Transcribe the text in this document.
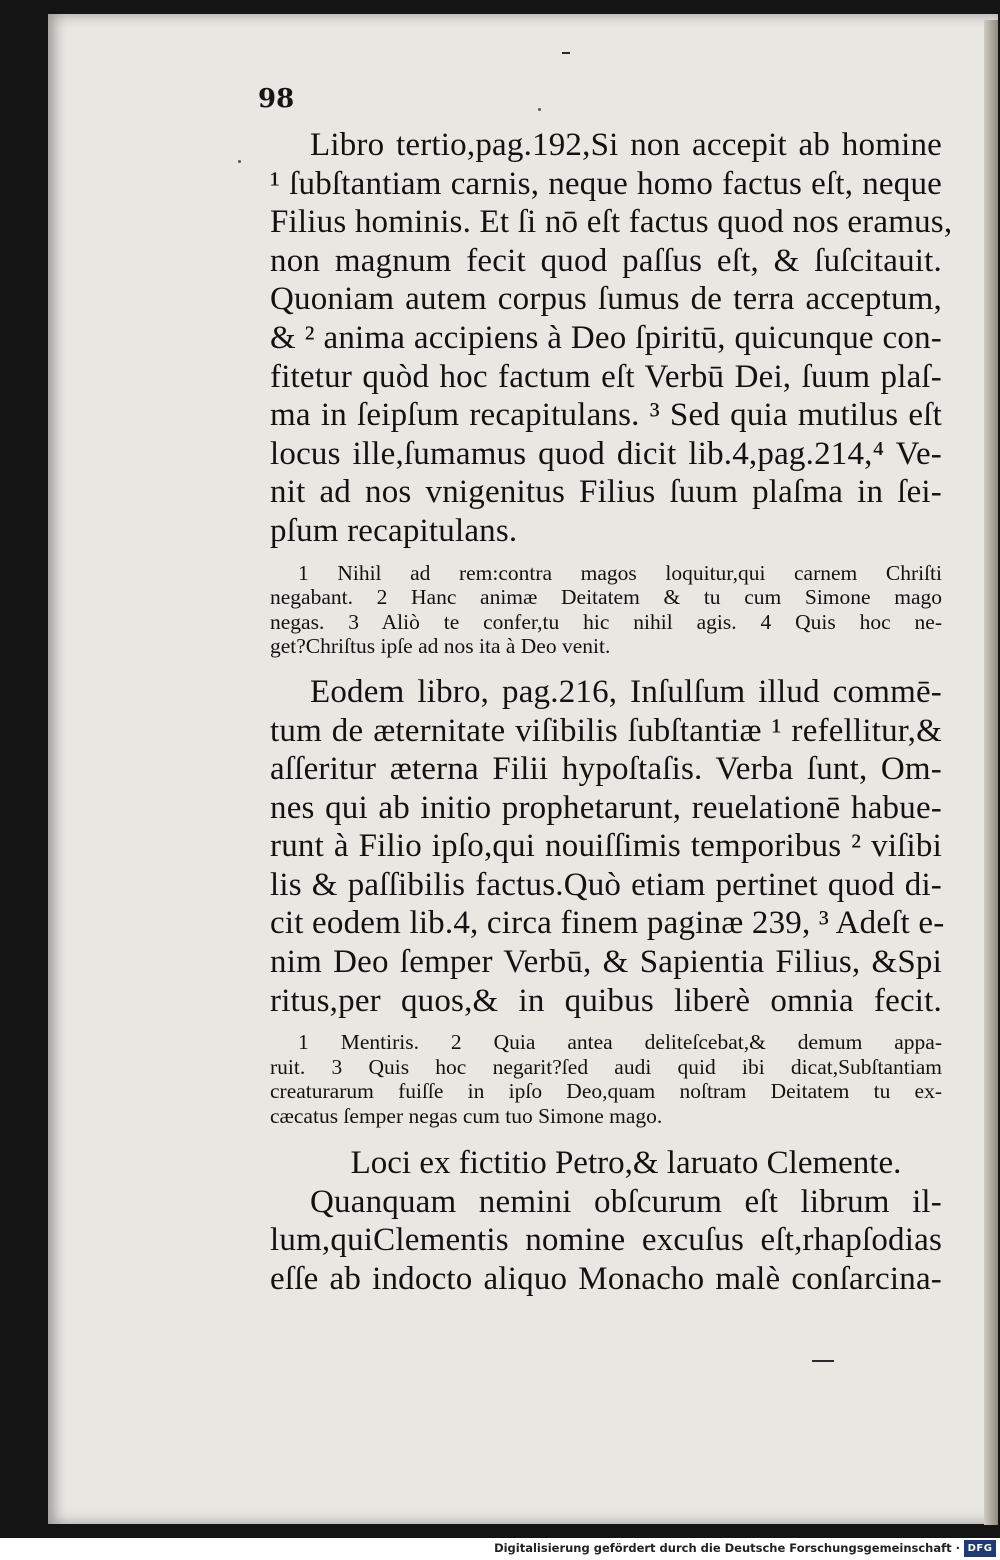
98
Libro tertio,pag.192,Si non accepit ab homine
¹ ſubſtantiam carnis, neque homo factus eſt, neque
Filius hominis. Et ſi nō eſt factus quod nos eramus,
non magnum fecit quod paſſus eſt, & ſuſcitauit.
Quoniam autem corpus ſumus de terra acceptum,
& ² anima accipiens à Deo ſpiritū, quicunque con-
fitetur quòd hoc factum eſt Verbū Dei, ſuum plaſ-
ma in ſeipſum recapitulans. ³ Sed quia mutilus eſt
locus ille,ſumamus quod dicit lib.4,pag.214,⁴ Ve-
nit ad nos vnigenitus Filius ſuum plaſma in ſei-
pſum recapitulans.
1 Nihil ad rem:contra magos loquitur,qui carnem Chriſti
negabant. 2 Hanc animæ Deitatem & tu cum Simone mago
negas. 3 Aliò te confer,tu hic nihil agis. 4 Quis hoc ne-
get?Chriſtus ipſe ad nos ita à Deo venit.
Eodem libro, pag.216, Inſulſum illud commē-
tum de æternitate viſibilis ſubſtantiæ ¹ refellitur,&
aſſeritur æterna Filii hypoſtaſis. Verba ſunt, Om-
nes qui ab initio prophetarunt, reuelationē habue-
runt à Filio ipſo,qui nouiſſimis temporibus ² viſibi
lis & paſſibilis factus.Quò etiam pertinet quod di-
cit eodem lib.4, circa finem paginæ 239, ³ Adeſt e-
nim Deo ſemper Verbū, & Sapientia Filius, &Spi
ritus,per quos,& in quibus liberè omnia fecit.
1 Mentiris. 2 Quia antea deliteſcebat,& demum appa-
ruit. 3 Quis hoc negarit?ſed audi quid ibi dicat,Subſtantiam
creaturarum fuiſſe in ipſo Deo,quam noſtram Deitatem tu ex-
cæcatus ſemper negas cum tuo Simone mago.
Loci ex fictitio Petro,& laruato Clemente.
Quanquam nemini obſcurum eſt librum il-
lum,quiClementis nomine excuſus eſt,rhapſodias
eſſe ab indocto aliquo Monacho malè conſarcina-
Digitalisierung gefördert durch die Deutsche Forschungsgemeinschaft · DFG
